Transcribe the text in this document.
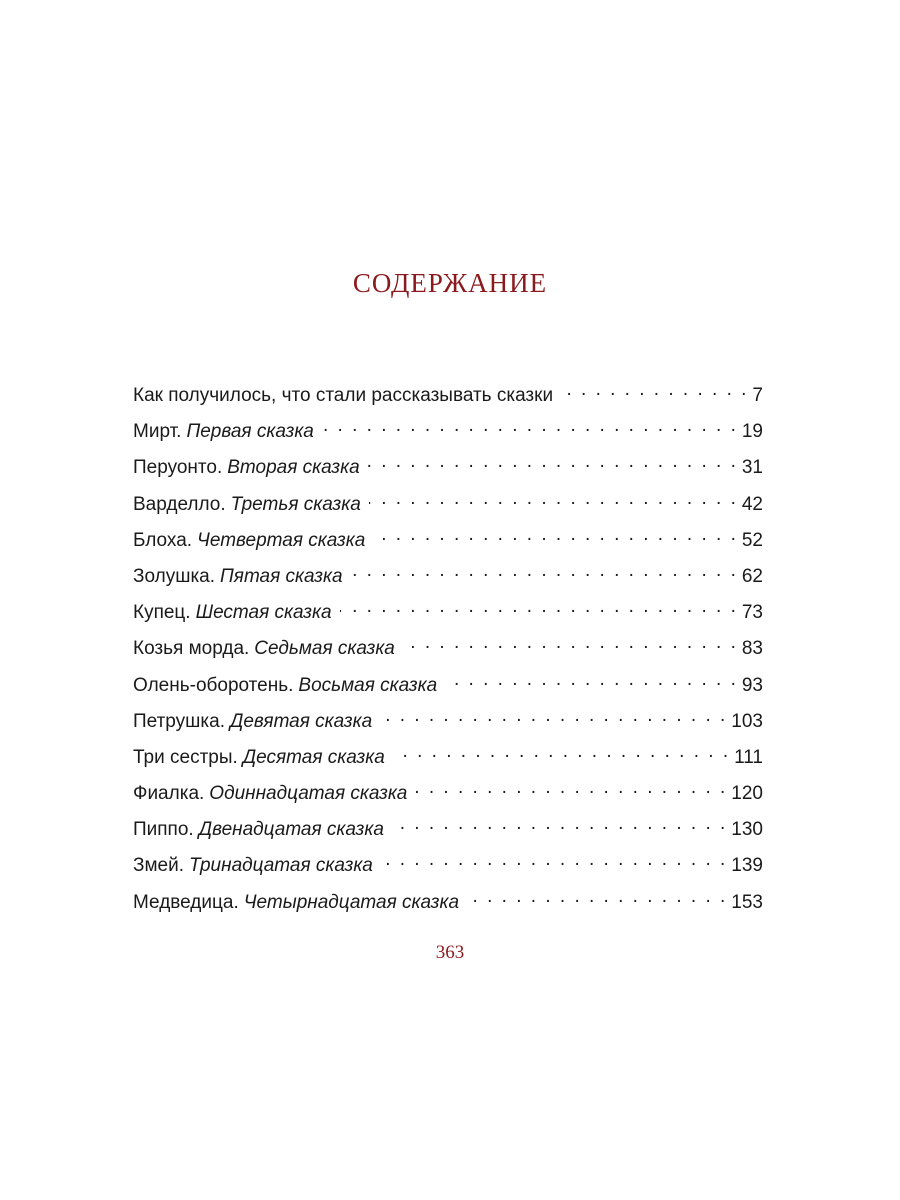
СОДЕРЖАНИЕ
Как получилось, что стали рассказывать сказки . . .	7
Мирт. Первая сказка . . .	19
Перуонто. Вторая сказка . . .	31
Варделло. Третья сказка . . .	42
Блоха. Четвертая сказка . . .	52
Золушка. Пятая сказка . . .	62
Купец. Шестая сказка . . .	73
Козья морда. Седьмая сказка . . .	83
Олень-оборотень. Восьмая сказка . . .	93
Петрушка. Девятая сказка . . .	103
Три сестры. Десятая сказка . . .	111
Фиалка. Одиннадцатая сказка . . .	120
Пиппо. Двенадцатая сказка . . .	130
Змей. Тринадцатая сказка . . .	139
Медведица. Четырнадцатая сказка . . .	153
363
